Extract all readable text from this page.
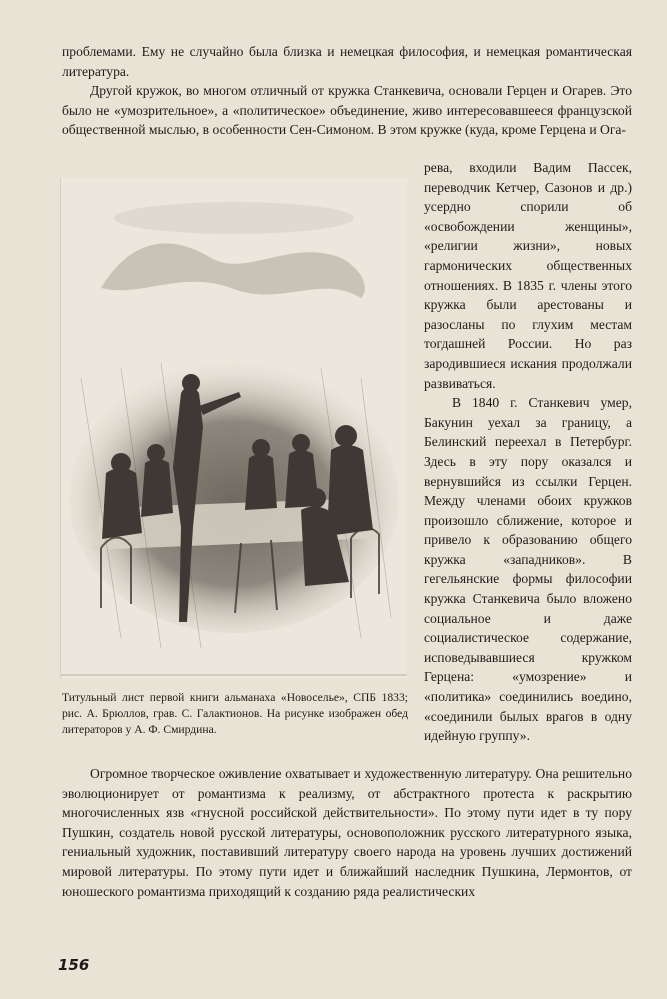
проблемами. Ему не случайно была близка и немецкая философия, и немецкая романтическая литература.

Другой кружок, во многом отличный от кружка Станкевича, основали Герцен и Огарев. Это было не «умозрительное», а «политическое» объединение, живо интересовавшееся французской общественной мыслью, в особенности Сен-Симоном. В этом кружке (куда, кроме Герцена и Ога-

рева, входили Вадим Пассек, переводчик Кетчер, Сазонов и др.) усердно спорили об «освобождении женщины», «религии жизни», новых гармонических общественных отношениях. В 1835 г. члены этого кружка были арестованы и разосланы по глухим местам тогдашней России. Но раз зародившиеся искания продолжали развиваться.

В 1840 г. Станкевич умер, Бакунин уехал за границу, а Белинский переехал в Петербург. Здесь в эту пору оказался и вернувшийся из ссылки Герцен. Между членами обоих кружков произошло сближение, которое и привело к образованию общего кружка «западников». В гегельянские формы философии кружка Станкевича было вложено социальное и даже социалистическое содержание, исповедывавшиеся кружком Герцена: «умозрение» и «политика» соединились воедино, «соединили былых врагов в одну идейную группу».

Титульный лист первой книги альманаха «Новоселье», СПБ 1833; рис. А. Брюллов, грав. С. Галактионов. На рисунке изображен обед литераторов у А. Ф. Смирдина.

Огромное творческое оживление охватывает и художественную литературу. Она решительно эволюционирует от романтизма к реализму, от абстрактного протеста к раскрытию многочисленных язв «гнусной российской действительности». По этому пути идет в ту пору Пушкин, создатель новой русской литературы, основоположник русского литературного языка, гениальный художник, поставивший литературу своего народа на уровень лучших достижений мировой литературы. По этому пути идет и ближайший наследник Пушкина, Лермонтов, от юношеского романтизма приходящий к созданию ряда реалистических

156
